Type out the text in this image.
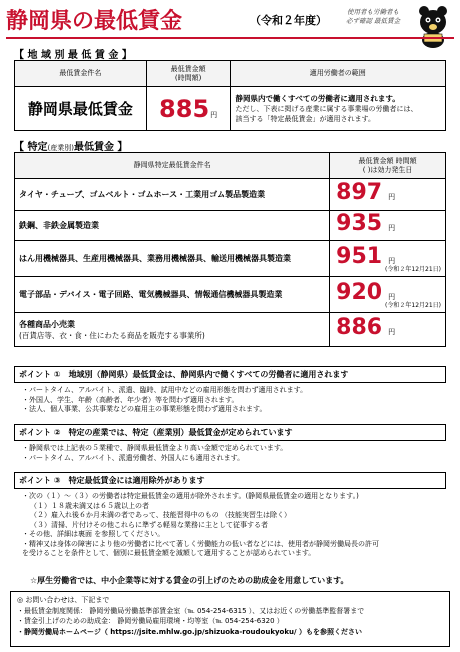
静岡県の最低賃金	（令和２年度）
使用者も労働者も
必ず確認 最低賃金
【 地 域 別 最 低 賃 金 】
最低賃金件名	最低賃金額
(時間額)	適用労働者の範囲
静岡県最低賃金	885円	静岡県内で働くすべての労働者に適用されます。
ただし、下表に掲げる産業に属する事業場の労働者には、
該当する「特定最低賃金」が適用されます。
【 特定(産業別)最低賃金 】
静岡県特定最低賃金件名	最低賃金額 時間額
( )は効力発生日

タイヤ・チューブ、ゴムベルト・ゴムホース・工業用ゴム製品製造業	897 円
鉄鋼、非鉄金属製造業	935 円
はん用機械器具、生産用機械器具、業務用機械器具、輸送用機械器具製造業	951 円
(令和２年12月21日)

電子部品・デバイス・電子回路、電気機械器具、情報通信機械器具製造業	920 円
(令和２年12月21日)

各種商品小売業
(百貨店等、衣・食・住にわたる商品を販売する事業所)	886 円
ポイント ① 地域別（静岡県）最低賃金は、静岡県内で働くすべての労働者に適用されます
・パートタイム、アルバイト、派遣、臨時、試用中などの雇用形態を問わず適用されます。
・外国人、学生、年齢（高齢者、年少者）等を問わず適用されます。
・法人、個人事業、公共事業などの雇用主の事業形態を問わず適用されます。
ポイント ② 特定の産業では、特定（産業別）最低賃金が定められています
・静岡県では上記表の５業種で、静岡県最低賃金より高い金額で定められています。
・パートタイム、アルバイト、派遣労働者、外国人にも適用されます。
ポイント ③ 特定最低賃金には適用除外があります
・次の（１）～（３）の労働者は特定最低賃金の適用が除外されます。(静岡県最低賃金の適用となります。)
（１）１８歳未満又は６５歳以上の者
（２）雇入れ後６か月未満の者であって、技能習得中のもの （技能実習生は除く）
（３）清掃、片付けその他これらに準ずる軽易な業務に主として従事する者
・その他、詳細は裏面 を参照してください。
・精神又は身体の障害により他の労働者に比べて著しく労働能力の低い者などには、使用者が静岡労働局長の許可
を受けることを条件として、個別に最低賃金額を減額して適用することが認められています。
☆厚生労働省では、中小企業等に対する賃金の引上げのための助成金を用意しています。
◎ お問い合わせは、下記まで
・最低賃金制度関係： 静岡労働局労働基準部賃金室（℡ 054-254-6315 ）、又はお近くの労働基準監督署まで
・賃金引上げのための助成金： 静岡労働局雇用環境・均等室（℡ 054-254-6320 ）
・静岡労働局ホームページ（ https://jsite.mhlw.go.jp/shizuoka-roudoukyoku/ ）もを参照ください
